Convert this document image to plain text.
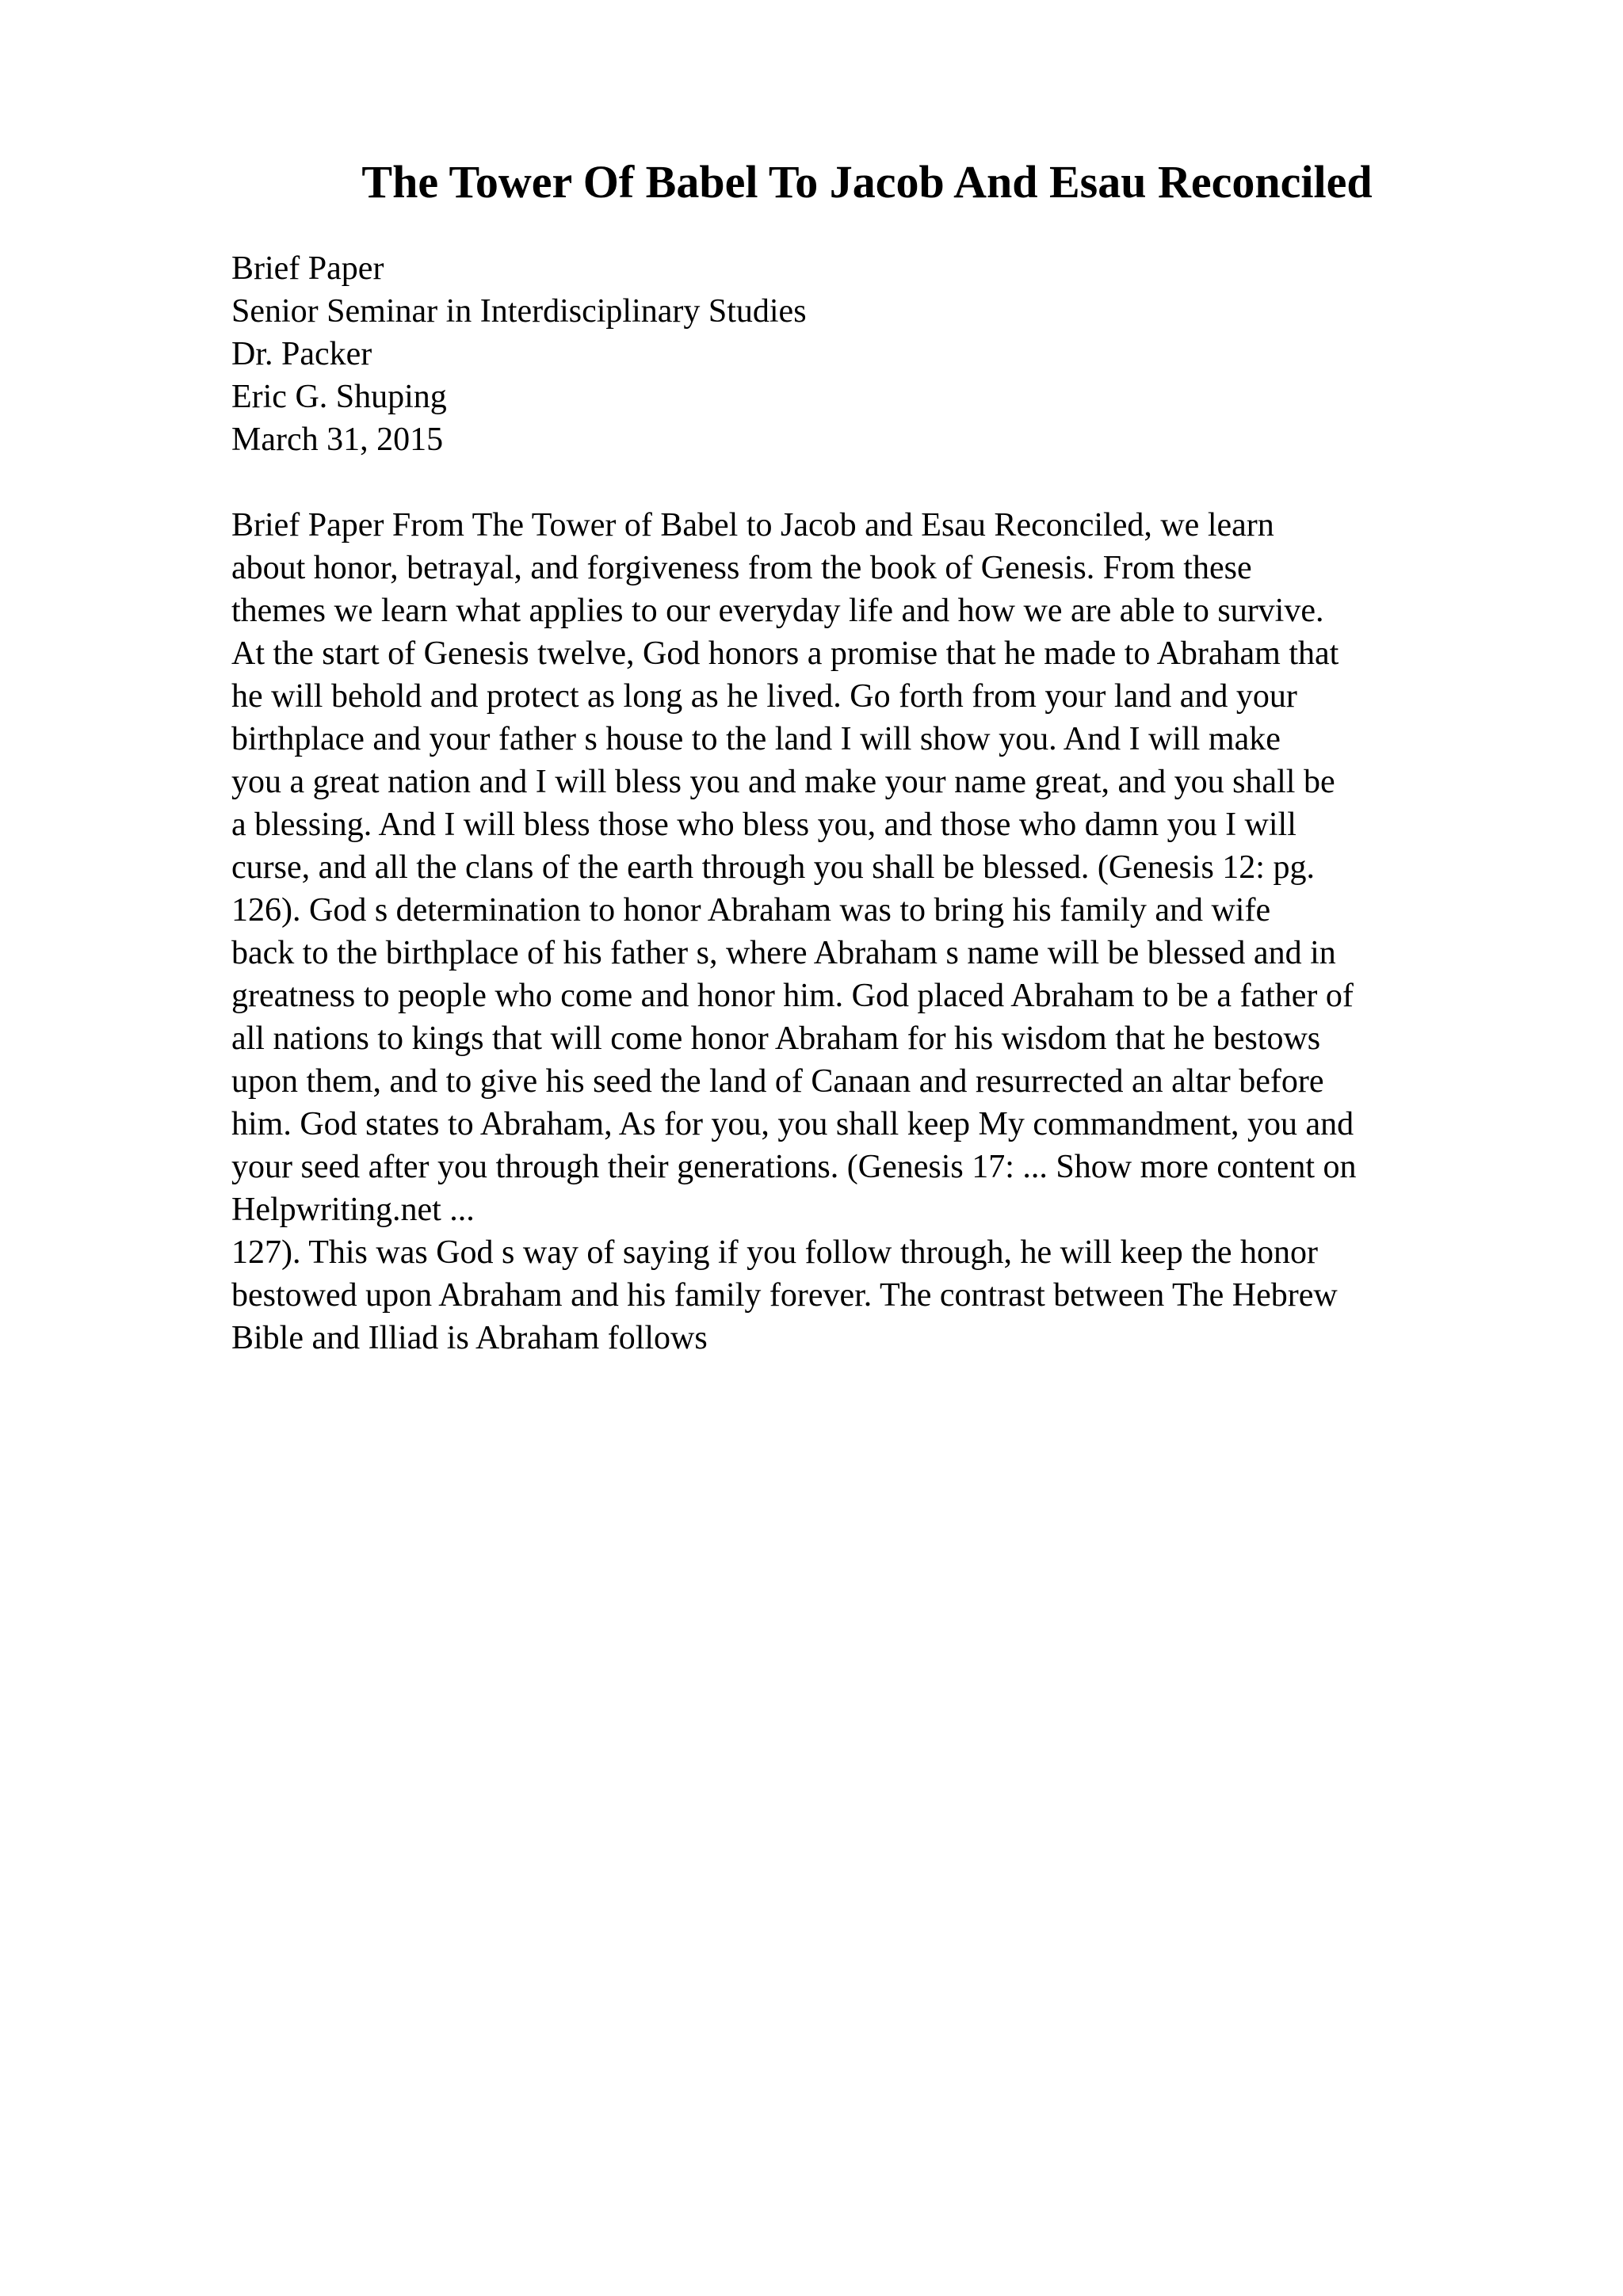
The Tower Of Babel To Jacob And Esau Reconciled
Brief Paper
Senior Seminar in Interdisciplinary Studies
Dr. Packer
Eric G. Shuping
March 31, 2015
Brief Paper From The Tower of Babel to Jacob and Esau Reconciled, we learn
about honor, betrayal, and forgiveness from the book of Genesis. From these
themes we learn what applies to our everyday life and how we are able to survive.
At the start of Genesis twelve, God honors a promise that he made to Abraham that
he will behold and protect as long as he lived. Go forth from your land and your
birthplace and your father s house to the land I will show you. And I will make
you a great nation and I will bless you and make your name great, and you shall be
a blessing. And I will bless those who bless you, and those who damn you I will
curse, and all the clans of the earth through you shall be blessed. (Genesis 12: pg.
126). God s determination to honor Abraham was to bring his family and wife
back to the birthplace of his father s, where Abraham s name will be blessed and in
greatness to people who come and honor him. God placed Abraham to be a father of
all nations to kings that will come honor Abraham for his wisdom that he bestows
upon them, and to give his seed the land of Canaan and resurrected an altar before
him. God states to Abraham, As for you, you shall keep My commandment, you and
your seed after you through their generations. (Genesis 17: ... Show more content on
Helpwriting.net ...
127). This was God s way of saying if you follow through, he will keep the honor
bestowed upon Abraham and his family forever. The contrast between The Hebrew
Bible and Illiad is Abraham follows
